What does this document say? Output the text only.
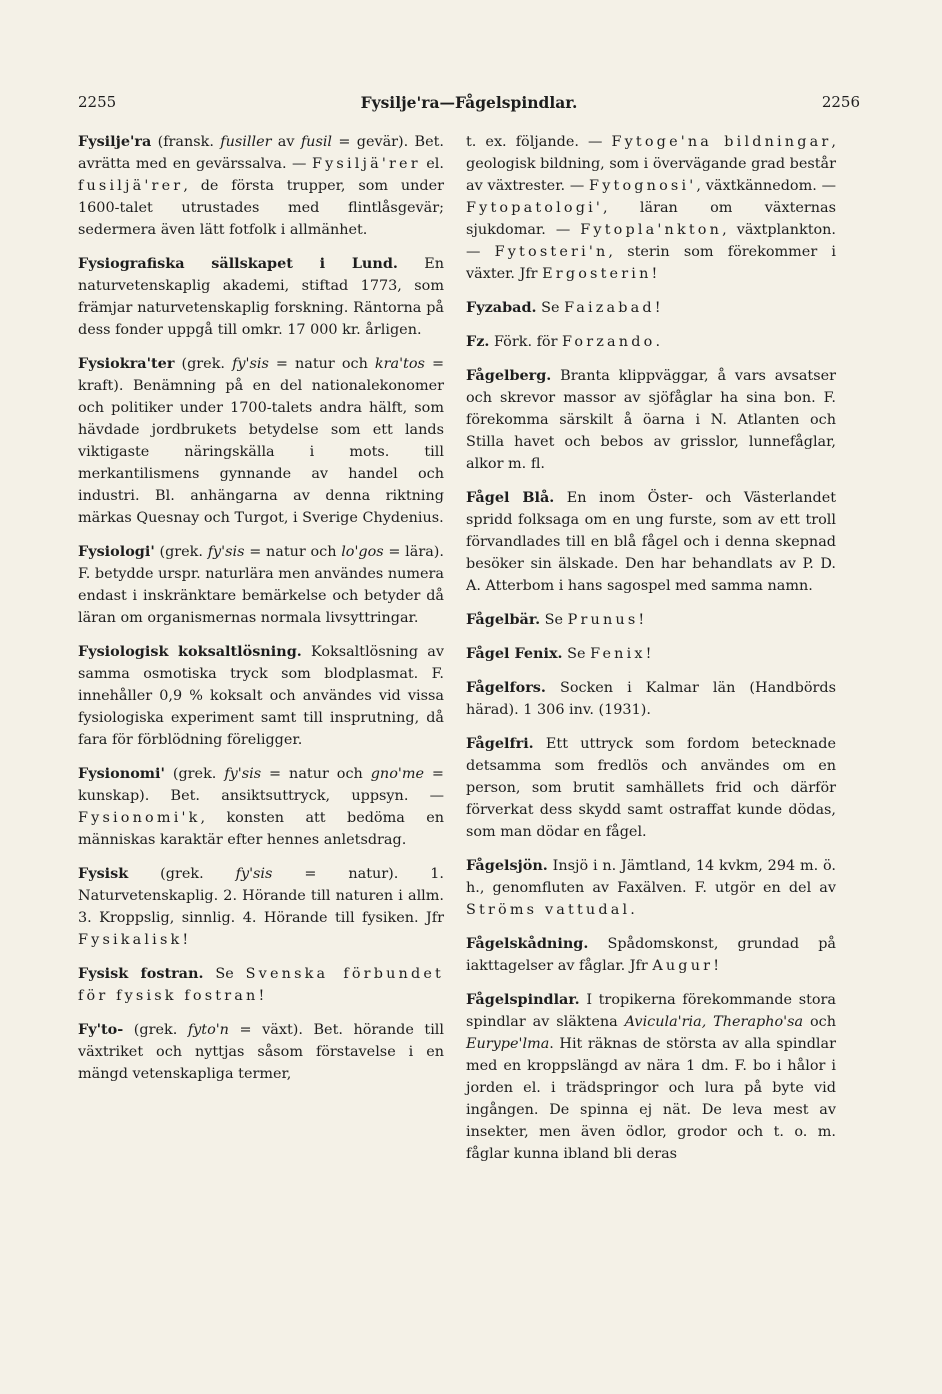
2255	Fysilje'ra—Fågelspindlar.	2256

Fysilje'ra (fransk. fusiller av fusil = gevär). Bet. avrätta med en gevärssalva. — Fysiljä'rer el. fusiljä'rer, de första trupper, som under 1600-talet utrustades med flintlåsgevär; sedermera även lätt fotfolk i allmänhet.

Fysiografiska sällskapet i Lund. En naturvetenskaplig akademi, stiftad 1773, som främjar naturvetenskaplig forskning. Räntorna på dess fonder uppgå till omkr. 17 000 kr. årligen.

Fysiokra'ter (grek. fy'sis = natur och kra'tos = kraft). Benämning på en del nationalekonomer och politiker under 1700-talets andra hälft, som hävdade jordbrukets betydelse som ett lands viktigaste näringskälla i mots. till merkantilismens gynnande av handel och industri. Bl. anhängarna av denna riktning märkas Quesnay och Turgot, i Sverige Chydenius.

Fysiologi' (grek. fy'sis = natur och lo'gos = lära). F. betydde urspr. naturlära men användes numera endast i inskränktare bemärkelse och betyder då läran om organismernas normala livsyttringar.

Fysiologisk koksaltlösning. Koksaltlösning av samma osmotiska tryck som blodplasmat. F. innehåller 0,9 % koksalt och användes vid vissa fysiologiska experiment samt till insprutning, då fara för förblödning föreligger.

Fysionomi' (grek. fy'sis = natur och gno'me = kunskap). Bet. ansiktsuttryck, uppsyn. — Fysionomi'k, konsten att bedöma en människas karaktär efter hennes anletsdrag.

Fysisk (grek. fy'sis = natur). 1. Naturvetenskaplig. 2. Hörande till naturen i allm. 3. Kroppslig, sinnlig. 4. Hörande till fysiken. Jfr Fysikalisk!

Fysisk fostran. Se Svenska förbundet för fysisk fostran!

Fy'to- (grek. fyto'n = växt). Bet. hörande till växtriket och nyttjas såsom förstavelse i en mängd vetenskapliga termer,

t. ex. följande. — Fytoge'na bildningar, geologisk bildning, som i övervägande grad består av växtrester. — Fytognosi', växtkännedom. — Fytopatologi', läran om växternas sjukdomar. — Fytopla'nkton, växtplankton. — Fytosteri'n, sterin som förekommer i växter. Jfr Ergosterin!

Fyzabad. Se Faizabad!

Fz. Förk. för Forzando.

Fågelberg. Branta klippväggar, å vars avsatser och skrevor massor av sjöfåglar ha sina bon. F. förekomma särskilt å öarna i N. Atlanten och Stilla havet och bebos av grisslor, lunnefåglar, alkor m. fl.

Fågel Blå. En inom Öster- och Västerlandet spridd folksaga om en ung furste, som av ett troll förvandlades till en blå fågel och i denna skepnad besöker sin älskade. Den har behandlats av P. D. A. Atterbom i hans sagospel med samma namn.

Fågelbär. Se Prunus!

Fågel Fenix. Se Fenix!

Fågelfors. Socken i Kalmar län (Handbörds härad). 1 306 inv. (1931).

Fågelfri. Ett uttryck som fordom betecknade detsamma som fredlös och användes om en person, som brutit samhällets frid och därför förverkat dess skydd samt ostraffat kunde dödas, som man dödar en fågel.

Fågelsjön. Insjö i n. Jämtland, 14 kvkm, 294 m. ö. h., genomfluten av Faxälven. F. utgör en del av Ströms vattudal.

Fågelskådning. Spådomskonst, grundad på iakttagelser av fåglar. Jfr Augur!

Fågelspindlar. I tropikerna förekommande stora spindlar av släktena Avicula'ria, Therapho'sa och Eurype'lma. Hit räknas de största av alla spindlar med en kroppslängd av nära 1 dm. F. bo i hålor i jorden el. i trädspringor och lura på byte vid ingången. De spinna ej nät. De leva mest av insekter, men även ödlor, grodor och t. o. m. fåglar kunna ibland bli deras
